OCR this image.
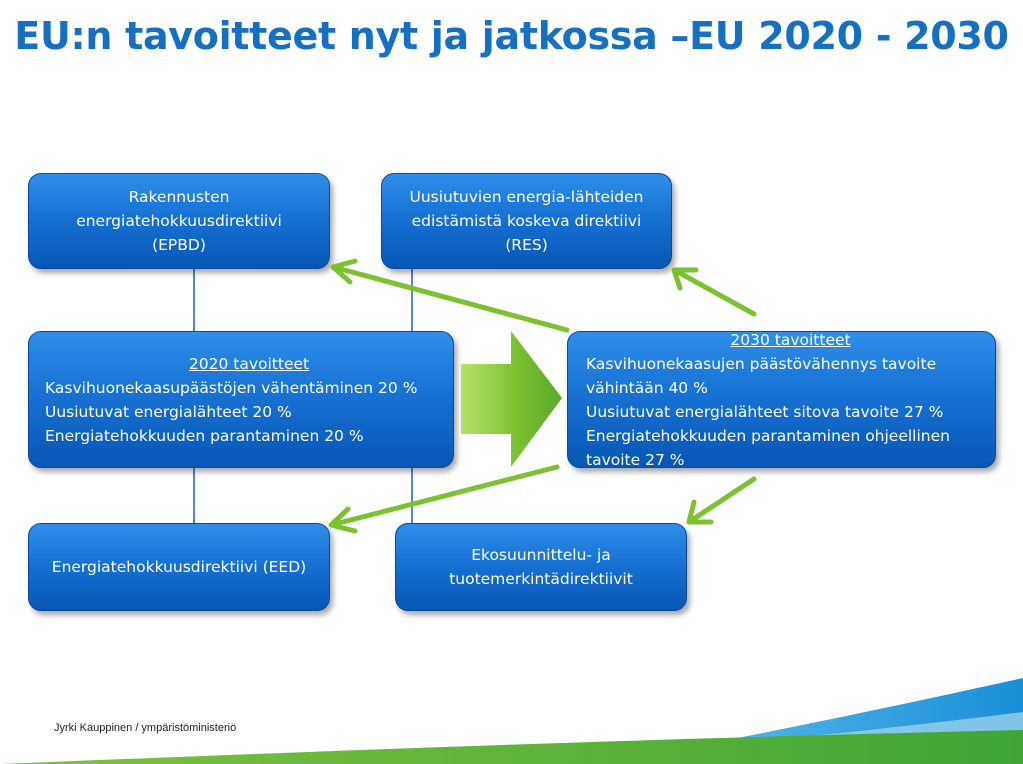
EU:n tavoitteet nyt ja jatkossa –EU 2020 - 2030
Rakennusten
energiatehokkuusdirektiivi
(EPBD)
Uusiutuvien energia-lähteiden
edistämistä koskeva direktiivi
(RES)
2020 tavoitteet
Kasvihuonekaasupäästöjen vähentäminen 20 %
Uusiutuvat energialähteet 20 %
Energiatehokkuuden parantaminen 20 %
2030 tavoitteet
Kasvihuonekaasujen päästövähennys tavoite
vähintään 40 %
Uusiutuvat energialähteet sitova tavoite 27 %
Energiatehokkuuden parantaminen ohjeellinen
tavoite 27 %
Energiatehokkuusdirektiivi (EED)
Ekosuunnittelu- ja
tuotemerkintädirektiivit
Jyrki Kauppinen / ympäristöministeriö
